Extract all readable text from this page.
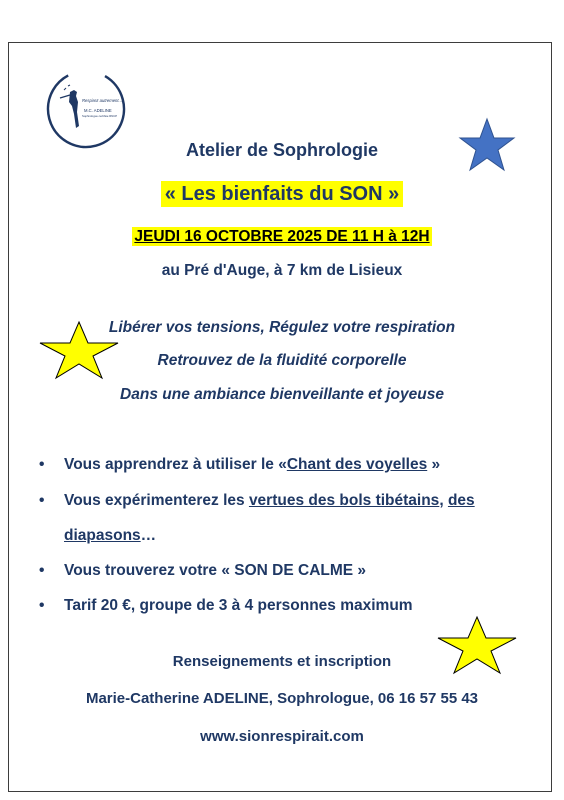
Respirez autrement...
M.C. ADELINE
Sophrologue certifiée RNCP
Atelier de Sophrologie
« Les bienfaits du SON »
JEUDI 16 OCTOBRE 2025 DE 11 H à 12H
au Pré d'Auge, à 7 km de Lisieux
Libérer vos tensions, Régulez votre respiration
Retrouvez de la fluidité corporelle
Dans une ambiance bienveillante et joyeuse
• Vous apprendrez à utiliser le «Chant des voyelles »
• Vous expérimenterez les vertues des bols tibétains, des
diapasons…
• Vous trouverez votre « SON DE CALME »
• Tarif 20 €, groupe de 3 à 4 personnes maximum
Renseignements et inscription
Marie-Catherine ADELINE, Sophrologue, 06 16 57 55 43
www.sionrespirait.com
